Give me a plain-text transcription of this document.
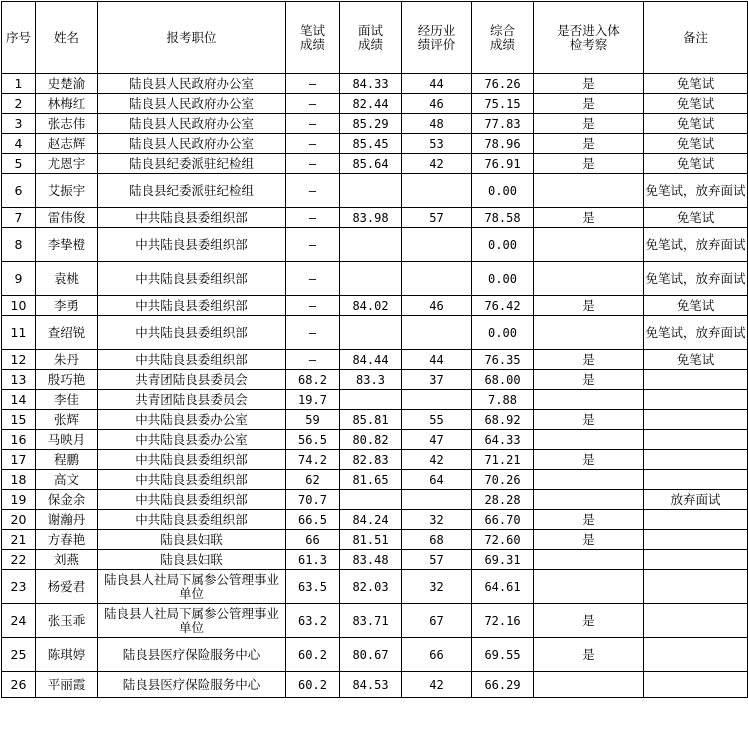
序号	姓名	报考职位	笔试成绩	面试成绩	经历业绩评价	综合成绩	是否进入体检考察	备注
1	史楚渝	陆良县人民政府办公室	—	84.33	44	76.26	是	免笔试
2	林梅红	陆良县人民政府办公室	—	82.44	46	75.15	是	免笔试
3	张志伟	陆良县人民政府办公室	—	85.29	48	77.83	是	免笔试
4	赵志辉	陆良县人民政府办公室	—	85.45	53	78.96	是	免笔试
5	尤恩宇	陆良县纪委派驻纪检组	—	85.64	42	76.91	是	免笔试
6	艾振宇	陆良县纪委派驻纪检组	—			0.00		免笔试，放弃面试
7	雷伟俊	中共陆良县委组织部	—	83.98	57	78.58	是	免笔试
8	李挚橙	中共陆良县委组织部	—			0.00		免笔试，放弃面试
9	袁桃	中共陆良县委组织部	—			0.00		免笔试，放弃面试
10	李勇	中共陆良县委组织部	—	84.02	46	76.42	是	免笔试
11	查绍锐	中共陆良县委组织部	—			0.00		免笔试，放弃面试
12	朱丹	中共陆良县委组织部	—	84.44	44	76.35	是	免笔试
13	殷巧艳	共青团陆良县委员会	68.2	83.3	37	68.00	是	
14	李佳	共青团陆良县委员会	19.7			7.88		
15	张辉	中共陆良县委办公室	59	85.81	55	68.92	是	
16	马映月	中共陆良县委办公室	56.5	80.82	47	64.33		
17	程鹏	中共陆良县委组织部	74.2	82.83	42	71.21	是	
18	高文	中共陆良县委组织部	62	81.65	64	70.26		
19	保金余	中共陆良县委组织部	70.7			28.28		放弃面试
20	谢瀚丹	中共陆良县委组织部	66.5	84.24	32	66.70	是	
21	方春艳	陆良县妇联	66	81.51	68	72.60	是	
22	刘燕	陆良县妇联	61.3	83.48	57	69.31		
23	杨爱君	陆良县人社局下属参公管理事业单位	63.5	82.03	32	64.61		
24	张玉乖	陆良县人社局下属参公管理事业单位	63.2	83.71	67	72.16	是	
25	陈琪婷	陆良县医疗保险服务中心	60.2	80.67	66	69.55	是	
26	平丽霞	陆良县医疗保险服务中心	60.2	84.53	42	66.29		
